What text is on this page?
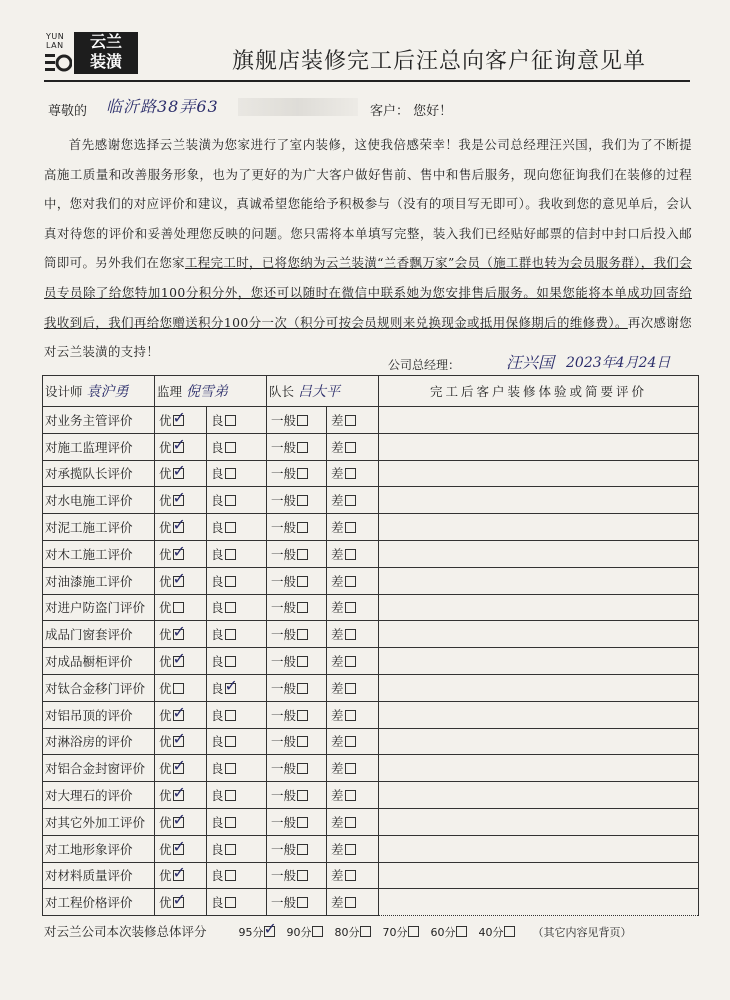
YUN
LAN	云兰
装潢	旗舰店装修完工后汪总向客户征询意见单
尊敬的 临沂路38弄63	客户： 您好！

首先感谢您选择云兰装潢为您家进行了室内装修，这使我倍感荣幸！我是公司总经理汪兴国，我们为了不断提高施工质量和改善服务形象，也为了更好的为广大客户做好售前、售中和售后服务，现向您征询我们在装修的过程中，您对我们的对应评价和建议，真诚希望您能给予积极参与（没有的项目写无即可）。我收到您的意见单后，会认真对待您的评价和妥善处理您反映的问题。您只需将本单填写完整，装入我们已经贴好邮票的信封中封口后投入邮筒即可。另外我们在您家工程完工时，已将您纳为云兰装潢“兰香飘万家”会员（施工群也转为会员服务群），我们会员专员除了给您特加100分积分外，您还可以随时在微信中联系她为您安排售后服务。如果您能将本单成功回寄给我收到后，我们再给您赠送积分100分一次（积分可按会员规则来兑换现金或抵用保修期后的维修费）。再次感谢您对云兰装潢的支持！

公司总经理：	汪兴国 2023年4月24日
设计师 袁沪勇	监理 倪雪弟		队长 吕大平		完工后客户装修体验或简要评价
对业务主管评价	优✓	良	一般	差	
对施工监理评价	优✓	良	一般	差	
对承揽队长评价	优✓	良	一般	差	
对水电施工评价	优✓	良	一般	差	
对泥工施工评价	优✓	良	一般	差	
对木工施工评价	优✓	良	一般	差	
对油漆施工评价	优✓	良	一般	差	
对进户防盗门评价	优	良	一般	差	
成品门窗套评价	优✓	良	一般	差	
对成品橱柜评价	优✓	良	一般	差	
对钛合金移门评价	优	良✓	一般	差	
对铝吊顶的评价	优✓	良	一般	差	
对淋浴房的评价	优✓	良	一般	差	
对铝合金封窗评价	优✓	良	一般	差	
对大理石的评价	优✓	良	一般	差	
对其它外加工评价	优✓	良	一般	差	
对工地形象评价	优✓	良	一般	差	
对材料质量评价	优✓	良	一般	差	
对工程价格评价	优✓	良	一般	差	
对云兰公司本次装修总体评分	95分 ✓ 90分 80分 70分 60分 40分	（其它内容见背页）
